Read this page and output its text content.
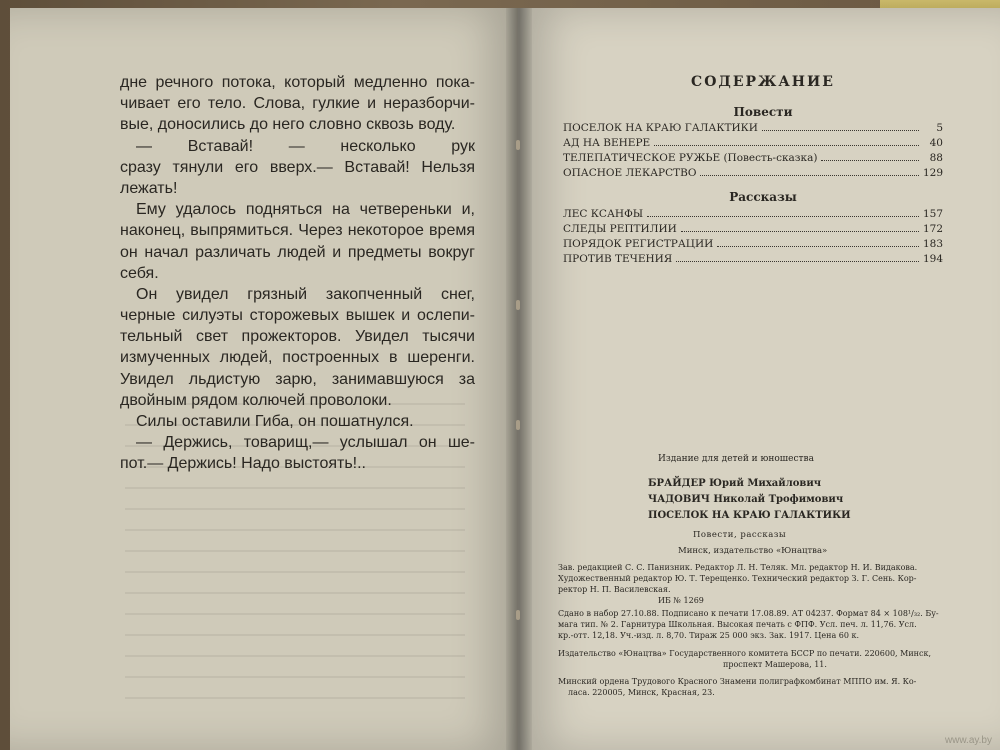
дне речного потока, который медленно пока-
чивает его тело. Слова, гулкие и неразборчи-
вые, доносились до него словно сквозь воду.
— Вставай! — несколько рук
сразу тянули его вверх.— Вставай! Нельзя
лежать!
Ему удалось подняться на четвереньки и,
наконец, выпрямиться. Через некоторое время
он начал различать людей и предметы вокруг
себя.
Он увидел грязный закопченный снег,
черные силуэты сторожевых вышек и ослепи-
тельный свет прожекторов. Увидел тысячи
измученных людей, построенных в шеренги.
Увидел льдистую зарю, занимавшуюся за
двойным рядом колючей проволоки.
Силы оставили Гиба, он пошатнулся.
— Держись, товарищ,— услышал он ше-
пот.— Держись! Надо выстоять!..
СОДЕРЖАНИЕ
Повести
ПОСЕЛОК НА КРАЮ ГАЛАКТИКИ	5
АД НА ВЕНЕРЕ	40
ТЕЛЕПАТИЧЕСКОЕ РУЖЬЕ (Повесть-сказка)	88
ОПАСНОЕ ЛЕКАРСТВО	129
Рассказы
ЛЕС КСАНФЫ	157
СЛЕДЫ РЕПТИЛИИ	172
ПОРЯДОК РЕГИСТРАЦИИ	183
ПРОТИВ ТЕЧЕНИЯ	194
Издание для детей и юношества
БРАЙДЕР Юрий Михайлович
ЧАДОВИЧ Николай Трофимович
ПОСЕЛОК НА КРАЮ ГАЛАКТИКИ
Повести, рассказы
Минск, издательство «Юнацтва»
Зав. редакцией С. С. Панизник. Редактор Л. Н. Теляк. Мл. редактор Н. И. Видакова.
Художественный редактор Ю. Т. Терещенко. Технический редактор З. Г. Сень. Кор-
ректор Н. П. Василевская.
ИБ № 1269
Сдано в набор 27.10.88. Подписано к печати 17.08.89. АТ 04237. Формат 84 × 108¹/₃₂. Бу-
мага тип. № 2. Гарнитура Школьная. Высокая печать с ФПФ. Усл. печ. л. 11,76. Усл.
кр.-отт. 12,18. Уч.-изд. л. 8,70. Тираж 25 000 экз. Зак. 1917. Цена 60 к.
Издательство «Юнацтва» Государственного комитета БССР по печати. 220600, Минск,
проспект Машерова, 11.
Минский ордена Трудового Красного Знамени полиграфкомбинат МППО им. Я. Ко-
ласа. 220005, Минск, Красная, 23.
www.ay.by
